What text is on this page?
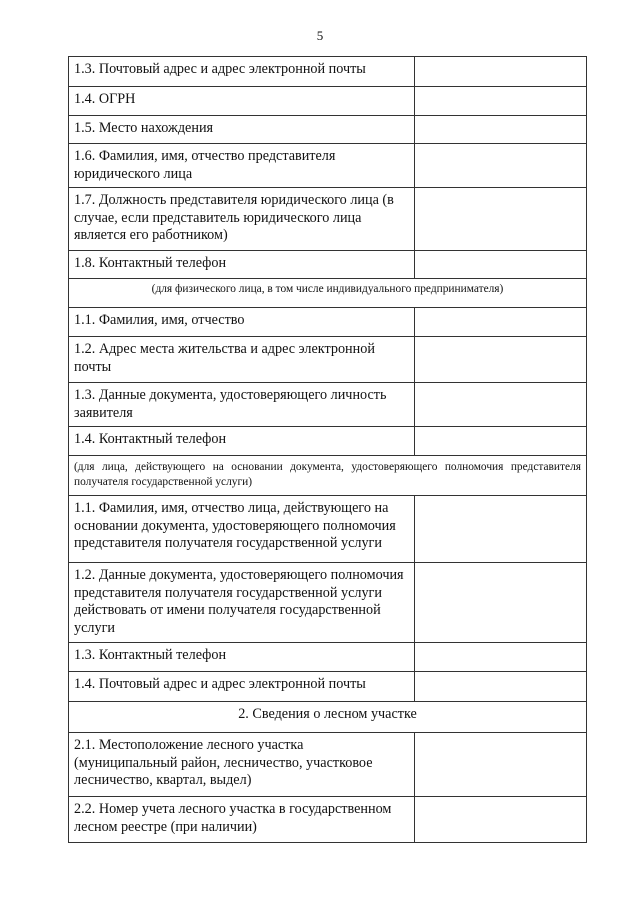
5
1.3. Почтовый адрес и адрес электронной почты
1.4. ОГРН
1.5. Место нахождения
1.6. Фамилия, имя, отчество представителя юридического лица
1.7. Должность представителя юридического лица (в случае, если представитель юридического лица является его работником)
1.8. Контактный телефон
(для физического лица, в том числе индивидуального предпринимателя)
1.1. Фамилия, имя, отчество
1.2. Адрес места жительства и адрес электронной почты
1.3. Данные документа, удостоверяющего личность заявителя
1.4. Контактный телефон
(для лица, действующего на основании документа, удостоверяющего полномочия представителя получателя государственной услуги)
1.1. Фамилия, имя, отчество лица, действующего на основании документа, удостоверяющего полномочия представителя получателя государственной услуги
1.2. Данные документа, удостоверяющего полномочия представителя получателя государственной услуги действовать от имени получателя государственной услуги
1.3. Контактный телефон
1.4. Почтовый адрес и адрес электронной почты
2. Сведения о лесном участке
2.1. Местоположение лесного участка (муниципальный район, лесничество, участковое лесничество, квартал, выдел)
2.2. Номер учета лесного участка в государственном лесном реестре (при наличии)
